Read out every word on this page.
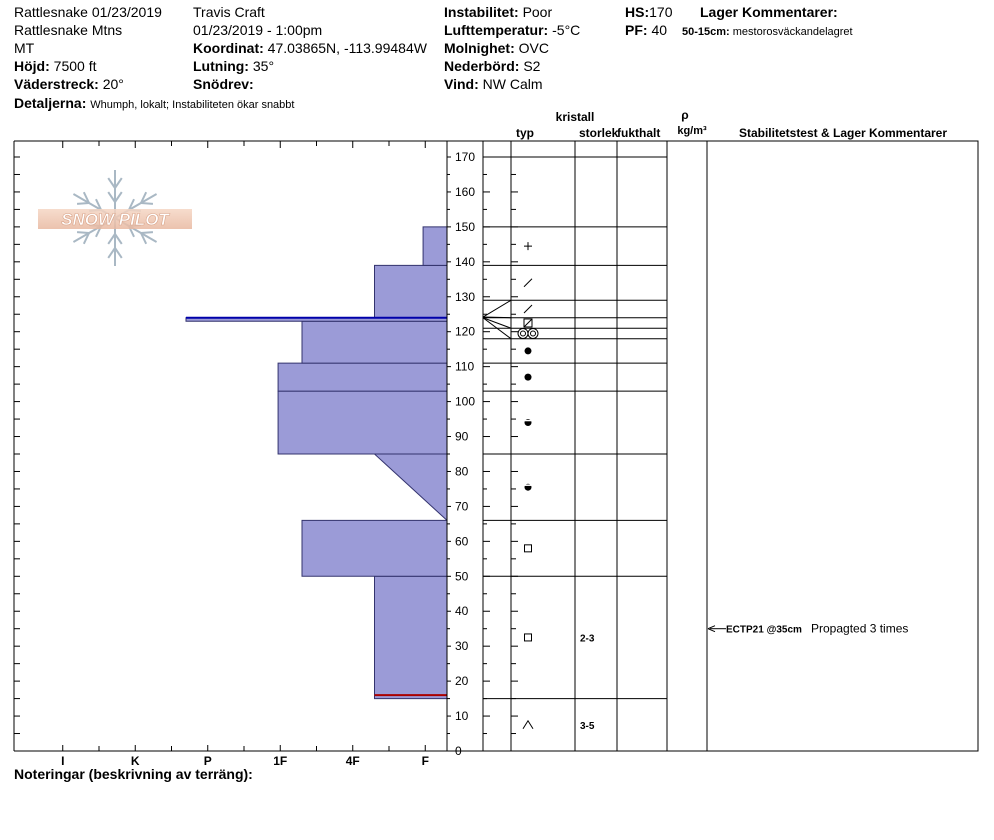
Rattlesnake 01/23/2019
Rattlesnake Mtns
MT
Höjd: 7500 ft
Väderstreck: 20°
Detaljerna: Whumph, lokalt; Instabiliteten ökar snabbt
Travis Craft
01/23/2019 - 1:00pm
Koordinat: 47.03865N, -113.99484W
Lutning: 35°
Snödrev:
Instabilitet: Poor
Lufttemperatur: -5°C
Molnighet: OVC
Nederbörd: S2
Vind: NW Calm
HS:170
PF: 40
Lager Kommentarer:
50-15cm: mestorosväckandelagret
Noteringar (beskrivning av terräng):
SNOW PILOT
0
10
20
30
40
50
60
70
80
90
100
110
120
130
140
150
160
170
I	K	P	1F	4F	F
2-3
3-5
kristall
typ	storlek
fukthalt
ρ
kg/m³	Stabilitetstest & Lager Kommentarer
ECTP21 @35cm Propagted 3 times
